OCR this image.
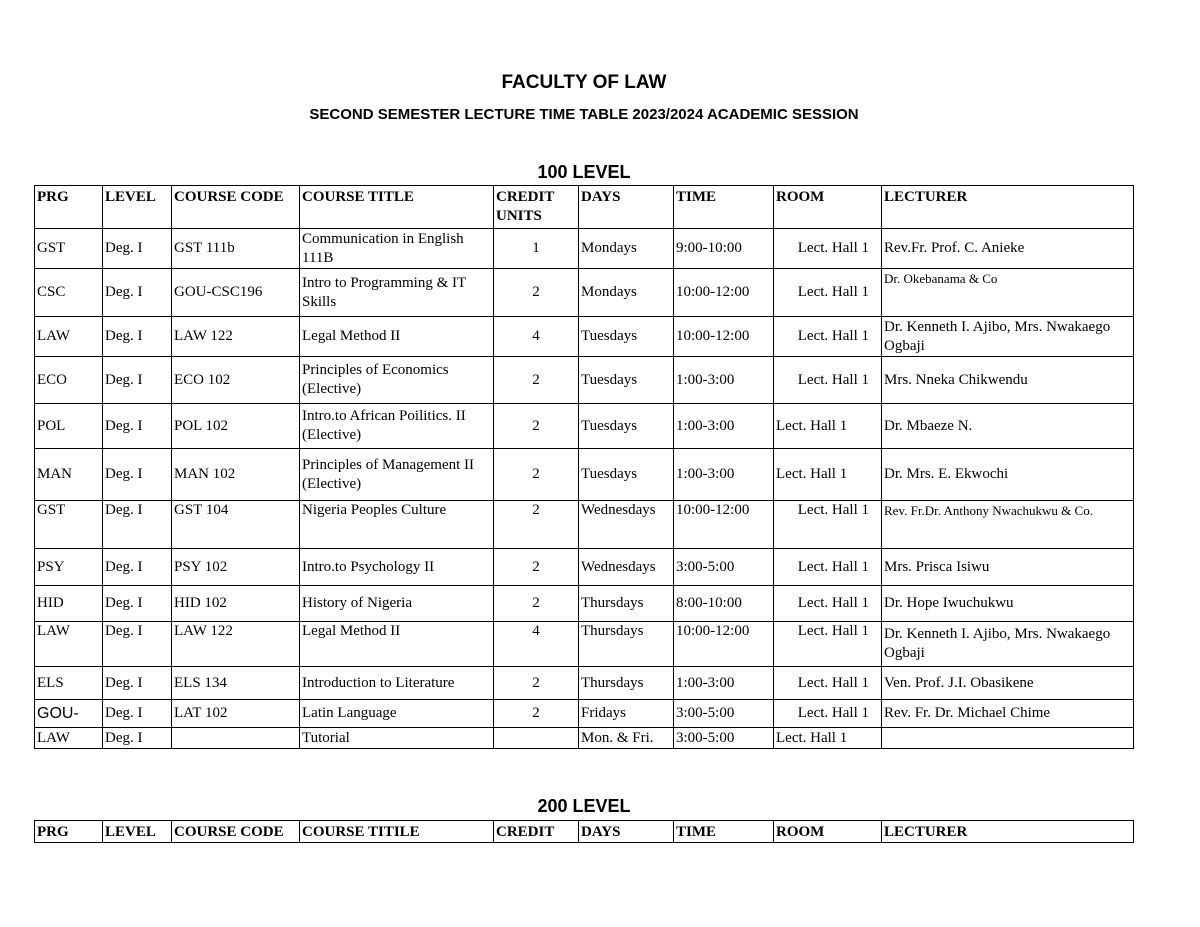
FACULTY OF LAW
SECOND SEMESTER LECTURE TIME TABLE 2023/2024 ACADEMIC SESSION
100 LEVEL
PRG	LEVEL	COURSE CODE	COURSE TITLE	CREDIT UNITS	DAYS	TIME	ROOM	LECTURER
GST	Deg. I	GST 111b	Communication in English 111B	1	Mondays	9:00-10:00	Lect. Hall 1	Rev.Fr. Prof. C. Anieke
CSC	Deg. I	GOU-CSC196	Intro to Programming & IT Skills	2	Mondays	10:00-12:00	Lect. Hall 1	Dr. Okebanama & Co
LAW	Deg. I	LAW 122	Legal Method II	4	Tuesdays	10:00-12:00	Lect. Hall 1	Dr. Kenneth I. Ajibo, Mrs. Nwakaego Ogbaji
ECO	Deg. I	ECO 102	Principles of Economics (Elective)	2	Tuesdays	1:00-3:00	Lect. Hall 1	Mrs. Nneka Chikwendu
POL	Deg. I	POL 102	Intro.to African Poilitics. II (Elective)	2	Tuesdays	1:00-3:00	Lect. Hall 1	Dr. Mbaeze N.
MAN	Deg. I	MAN 102	Principles of Management II (Elective)	2	Tuesdays	1:00-3:00	Lect. Hall 1	Dr. Mrs. E. Ekwochi
GST	Deg. I	GST 104	Nigeria Peoples Culture	2	Wednesdays	10:00-12:00	Lect. Hall 1	Rev. Fr.Dr. Anthony Nwachukwu & Co.
PSY	Deg. I	PSY 102	Intro.to Psychology II	2	Wednesdays	3:00-5:00	Lect. Hall 1	Mrs. Prisca Isiwu
HID	Deg. I	HID 102	History of Nigeria	2	Thursdays	8:00-10:00	Lect. Hall 1	Dr. Hope Iwuchukwu
LAW	Deg. I	LAW 122	Legal Method II	4	Thursdays	10:00-12:00	Lect. Hall 1	Dr. Kenneth I. Ajibo, Mrs. Nwakaego Ogbaji
ELS	Deg. I	ELS 134	Introduction to Literature	2	Thursdays	1:00-3:00	Lect. Hall 1	Ven. Prof. J.I. Obasikene
GOU-	Deg. I	LAT 102	Latin Language	2	Fridays	3:00-5:00	Lect. Hall 1	Rev. Fr. Dr. Michael Chime
LAW	Deg. I		Tutorial		Mon. & Fri.	3:00-5:00	Lect. Hall 1	
200 LEVEL
PRG	LEVEL	COURSE CODE	COURSE TITILE	CREDIT	DAYS	TIME	ROOM	LECTURER
